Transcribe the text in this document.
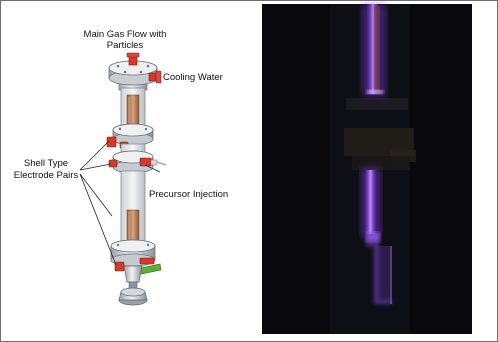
Main Gas Flow with
Particles
Cooling Water
Shell Type
Electrode Pairs
Precursor Injection
